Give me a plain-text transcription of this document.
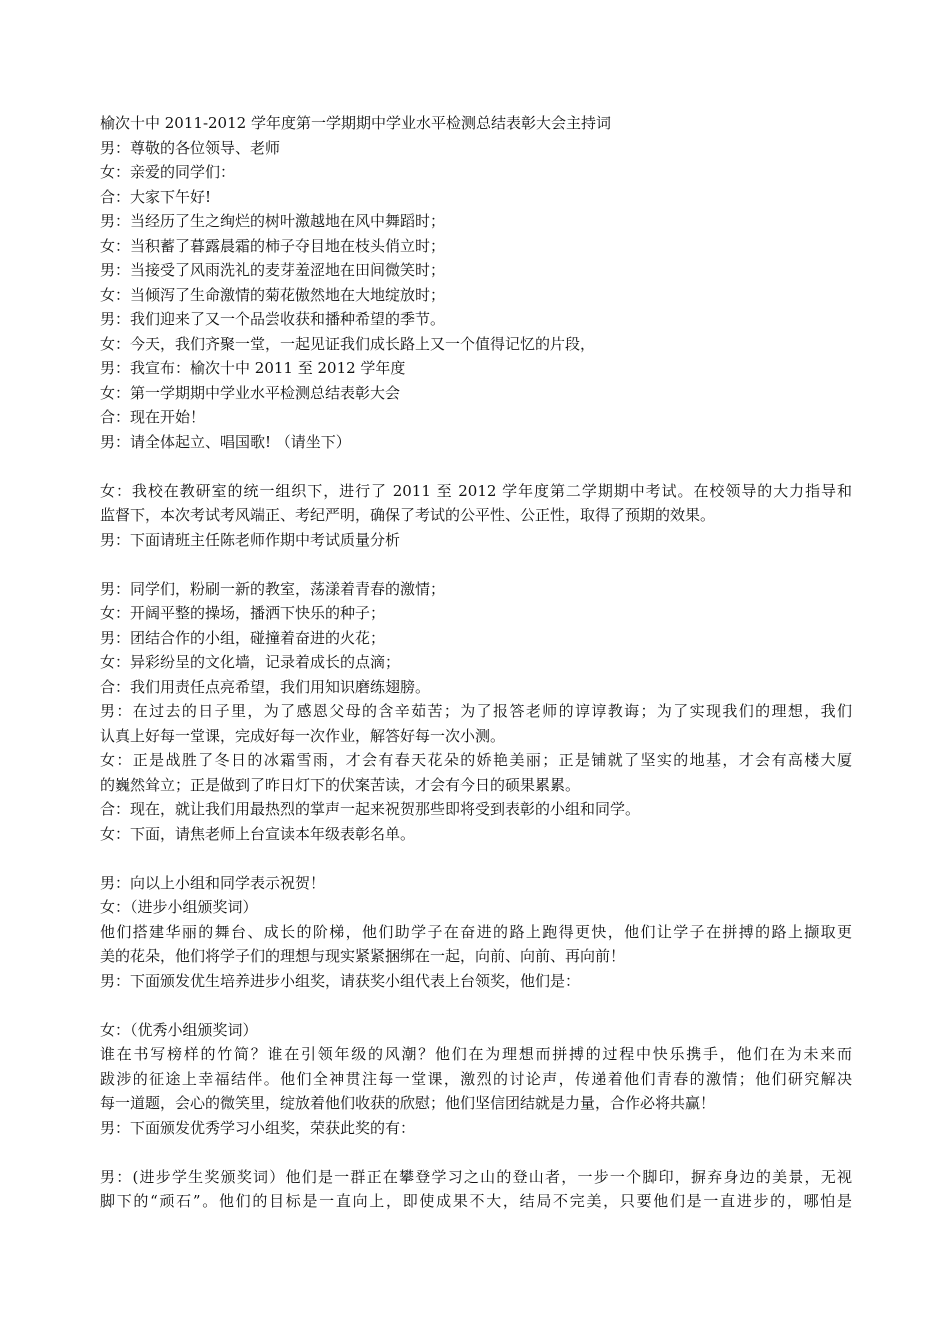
榆次十中 2011-2012 学年度第一学期期中学业水平检测总结表彰大会主持词
男：尊敬的各位领导、老师
女：亲爱的同学们：
合：大家下午好!
男：当经历了生之绚烂的树叶激越地在风中舞蹈时；
女：当积蓄了暮露晨霜的柿子夺目地在枝头俏立时；
男：当接受了风雨洗礼的麦芽羞涩地在田间微笑时；
女：当倾泻了生命激情的菊花傲然地在大地绽放时；
男：我们迎来了又一个品尝收获和播种希望的季节。
女：今天，我们齐聚一堂，一起见证我们成长路上又一个值得记忆的片段，
男：我宣布：榆次十中 2011 至 2012 学年度
女：第一学期期中学业水平检测总结表彰大会
合：现在开始！
男：请全体起立、唱国歌! （请坐下）
女：我校在教研室的统一组织下，进行了 2011 至 2012 学年度第二学期期中考试。在校领导的大力指导和
监督下，本次考试考风端正、考纪严明，确保了考试的公平性、公正性，取得了预期的效果。
男：下面请班主任陈老师作期中考试质量分析
男：同学们，粉刷一新的教室，荡漾着青春的激情；
女：开阔平整的操场，播洒下快乐的种子；
男：团结合作的小组，碰撞着奋进的火花；
女：异彩纷呈的文化墙，记录着成长的点滴；
合：我们用责任点亮希望，我们用知识磨练翅膀。
男：在过去的日子里，为了感恩父母的含辛茹苦；为了报答老师的谆谆教诲；为了实现我们的理想，我们
认真上好每一堂课，完成好每一次作业，解答好每一次小测。
女：正是战胜了冬日的冰霜雪雨，才会有春天花朵的娇艳美丽；正是铺就了坚实的地基，才会有高楼大厦
的巍然耸立；正是做到了昨日灯下的伏案苦读，才会有今日的硕果累累。
合：现在，就让我们用最热烈的掌声一起来祝贺那些即将受到表彰的小组和同学。
女：下面，请焦老师上台宣读本年级表彰名单。
男：向以上小组和同学表示祝贺！
女：（进步小组颁奖词）
他们搭建华丽的舞台、成长的阶梯，他们助学子在奋进的路上跑得更快，他们让学子在拼搏的路上撷取更
美的花朵，他们将学子们的理想与现实紧紧捆绑在一起，向前、向前、再向前！
男：下面颁发优生培养进步小组奖，请获奖小组代表上台领奖，他们是：
女：（优秀小组颁奖词）
谁在书写榜样的竹简？谁在引领年级的风潮？他们在为理想而拼搏的过程中快乐携手，他们在为未来而
跋涉的征途上幸福结伴。他们全神贯注每一堂课，激烈的讨论声，传递着他们青春的激情；他们研究解决
每一道题，会心的微笑里，绽放着他们收获的欣慰；他们坚信团结就是力量，合作必将共赢！
男：下面颁发优秀学习小组奖，荣获此奖的有：
男：(进步学生奖颁奖词）他们是一群正在攀登学习之山的登山者，一步一个脚印，摒弃身边的美景，无视
脚下的“顽石”。他们的目标是一直向上，即使成果不大，结局不完美，只要他们是一直进步的，哪怕是
